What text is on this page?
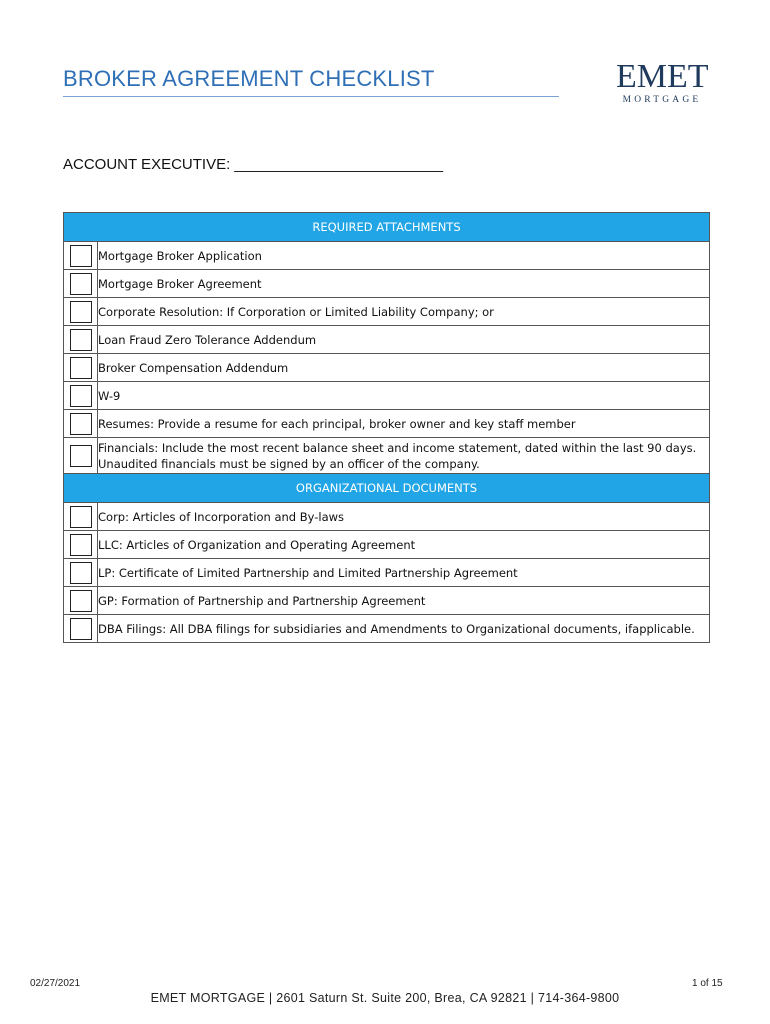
BROKER AGREEMENT CHECKLIST	EMET
MORTGAGE
ACCOUNT EXECUTIVE: _________________________
REQUIRED ATTACHMENTS	
	Mortgage Broker Application
	Mortgage Broker Agreement
	Corporate Resolution: If Corporation or Limited Liability Company; or
	Loan Fraud Zero Tolerance Addendum
	Broker Compensation Addendum
	W-9
	Resumes: Provide a resume for each principal, broker owner and key staff member
	Financials: Include the most recent balance sheet and income statement, dated within the last 90 days. Unaudited financials must be signed by an officer of the company.
ORGANIZATIONAL DOCUMENTS	
	Corp: Articles of Incorporation and By-laws
	LLC: Articles of Organization and Operating Agreement
	LP: Certificate of Limited Partnership and Limited Partnership Agreement
	GP: Formation of Partnership and Partnership Agreement
	DBA Filings: All DBA filings for subsidiaries and Amendments to Organizational documents, ifapplicable.
02/27/2021	1 of 15
EMET MORTGAGE | 2601 Saturn St. Suite 200, Brea, CA 92821 | 714-364-9800
